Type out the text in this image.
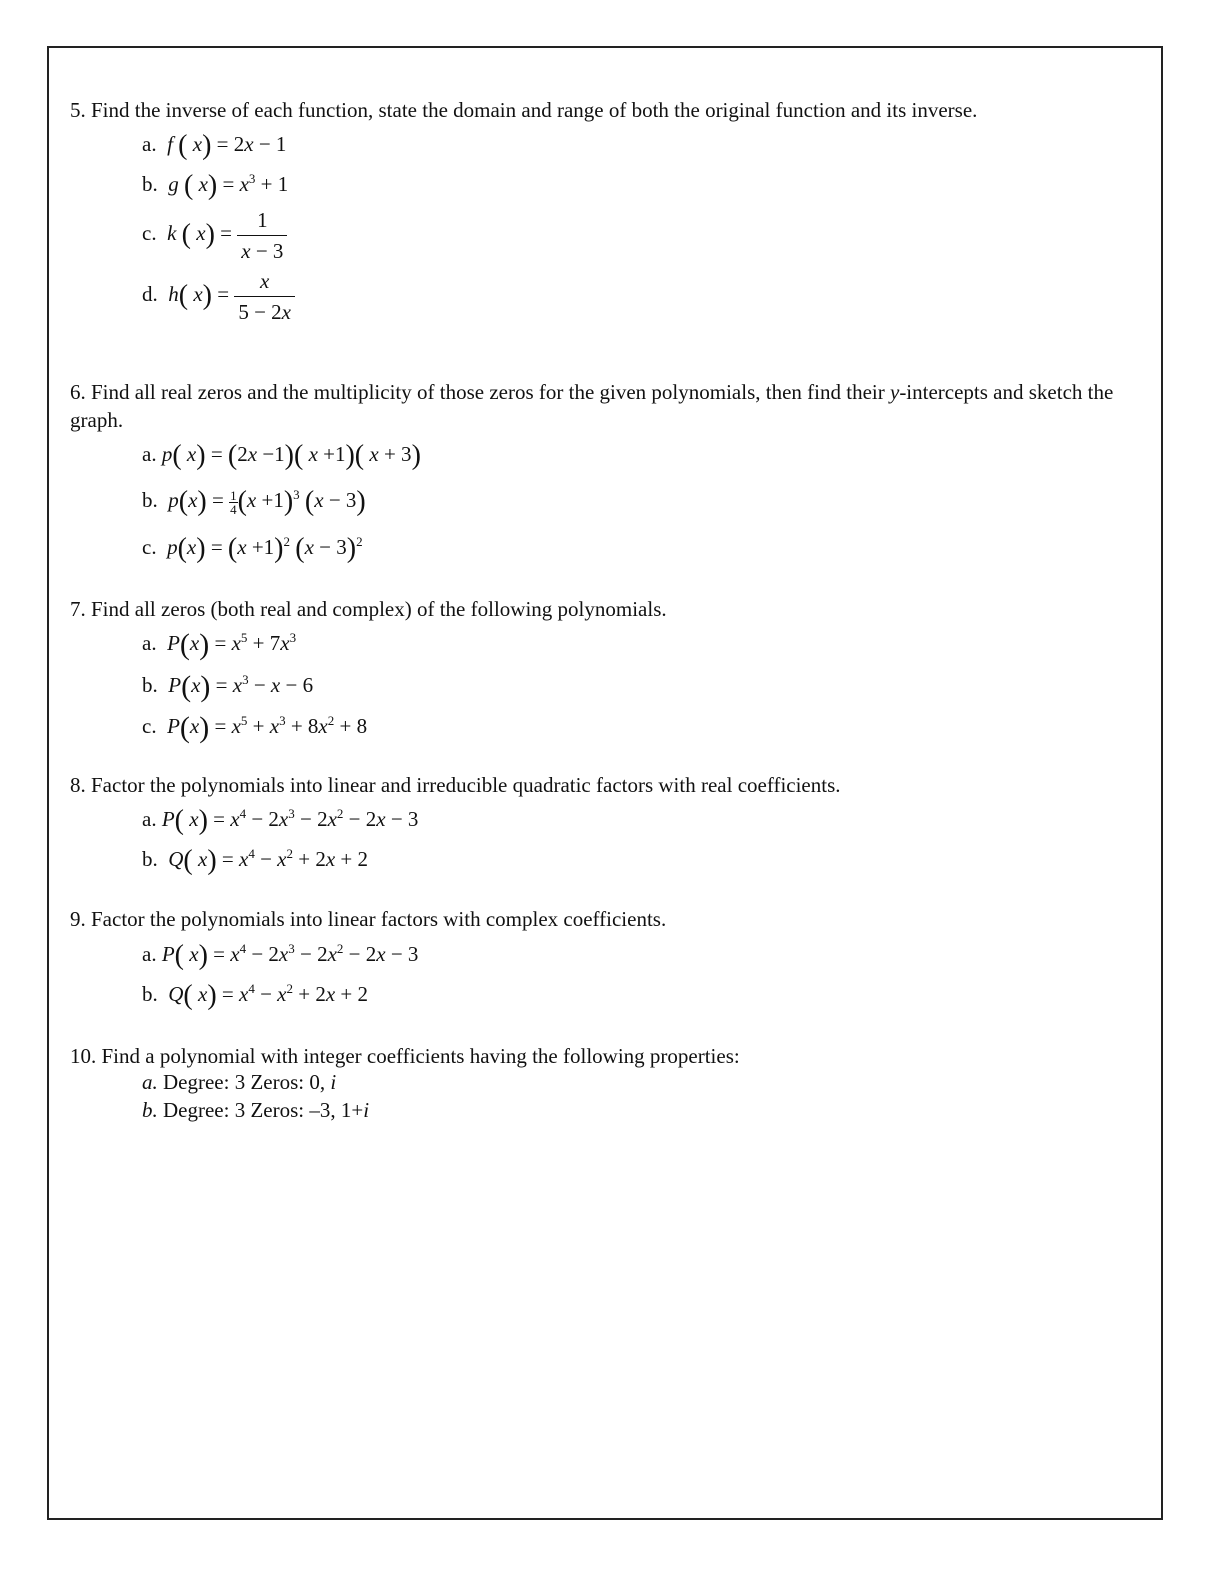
5. Find the inverse of each function, state the domain and range of both the original function and its inverse.
a. f ( x) = 2x − 1
b. g ( $x) = x^3 + 1$
c. k ( $x) = \frac{1}{x - 3}$
d. h( $x) = \frac{x}{5 - 2x}$
6. Find all real zeros and the multiplicity of those zeros for the given polynomials, then find their y-intercepts and sketch the graph.
a. p( x) = (2x −1)( x +1)( x + 3)
b. $p(x) = \frac{1}{4} (x +1)^3$ (x − 3)
c. $p(x) = (x +1)^2$ $(x - 3)^2$
7. Find all zeros (both real and complex) of the following polynomials.
a. $P(x) = x^5 + 7x^3$
b. $P(x) = x^3 - x - 6$
c. $P(x) = x^5 + x^3 + 8x^2 + 8$
8. Factor the polynomials into linear and irreducible quadratic factors with real coefficients.
a. P( $x) = x^4 - 2x^3 - 2x^2 - 2x - 3$
b. Q( $x) = x^4 - x^2 + 2x + 2$
9. Factor the polynomials into linear factors with complex coefficients.
a. P( $x) = x^4 - 2x^3 - 2x^2 - 2x - 3$
b. Q( $x) = x^4 - x^2 + 2x + 2$
10. Find a polynomial with integer coefficients having the following properties:
a. Degree: 3 Zeros: 0, i
b. Degree: 3 Zeros: –3, 1+i
